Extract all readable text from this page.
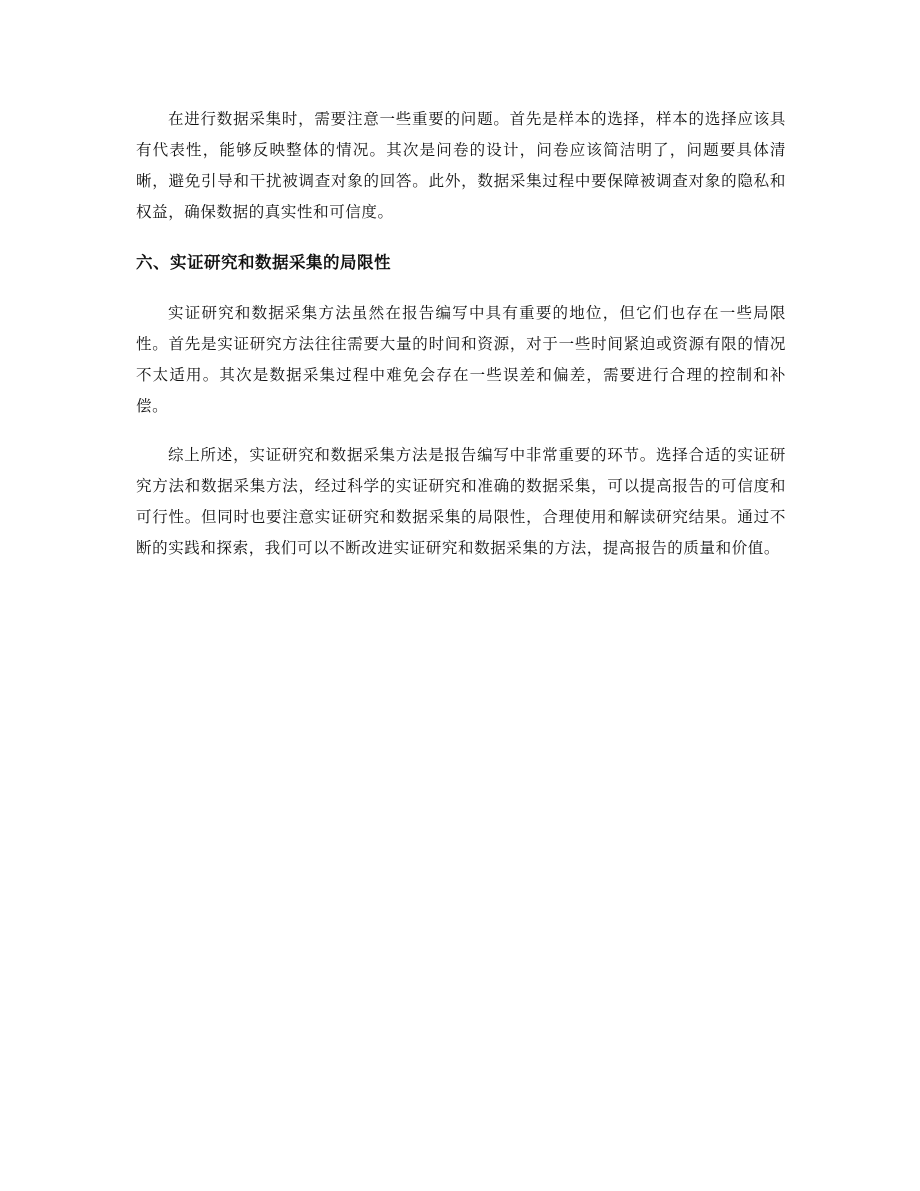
在进行数据采集时，需要注意一些重要的问题。首先是样本的选择，样本的选择应该具有代表性，能够反映整体的情况。其次是问卷的设计，问卷应该简洁明了，问题要具体清晰，避免引导和干扰被调查对象的回答。此外，数据采集过程中要保障被调查对象的隐私和权益，确保数据的真实性和可信度。

六、实证研究和数据采集的局限性

实证研究和数据采集方法虽然在报告编写中具有重要的地位，但它们也存在一些局限性。首先是实证研究方法往往需要大量的时间和资源，对于一些时间紧迫或资源有限的情况不太适用。其次是数据采集过程中难免会存在一些误差和偏差，需要进行合理的控制和补偿。

综上所述，实证研究和数据采集方法是报告编写中非常重要的环节。选择合适的实证研究方法和数据采集方法，经过科学的实证研究和准确的数据采集，可以提高报告的可信度和可行性。但同时也要注意实证研究和数据采集的局限性，合理使用和解读研究结果。通过不断的实践和探索，我们可以不断改进实证研究和数据采集的方法，提高报告的质量和价值。
